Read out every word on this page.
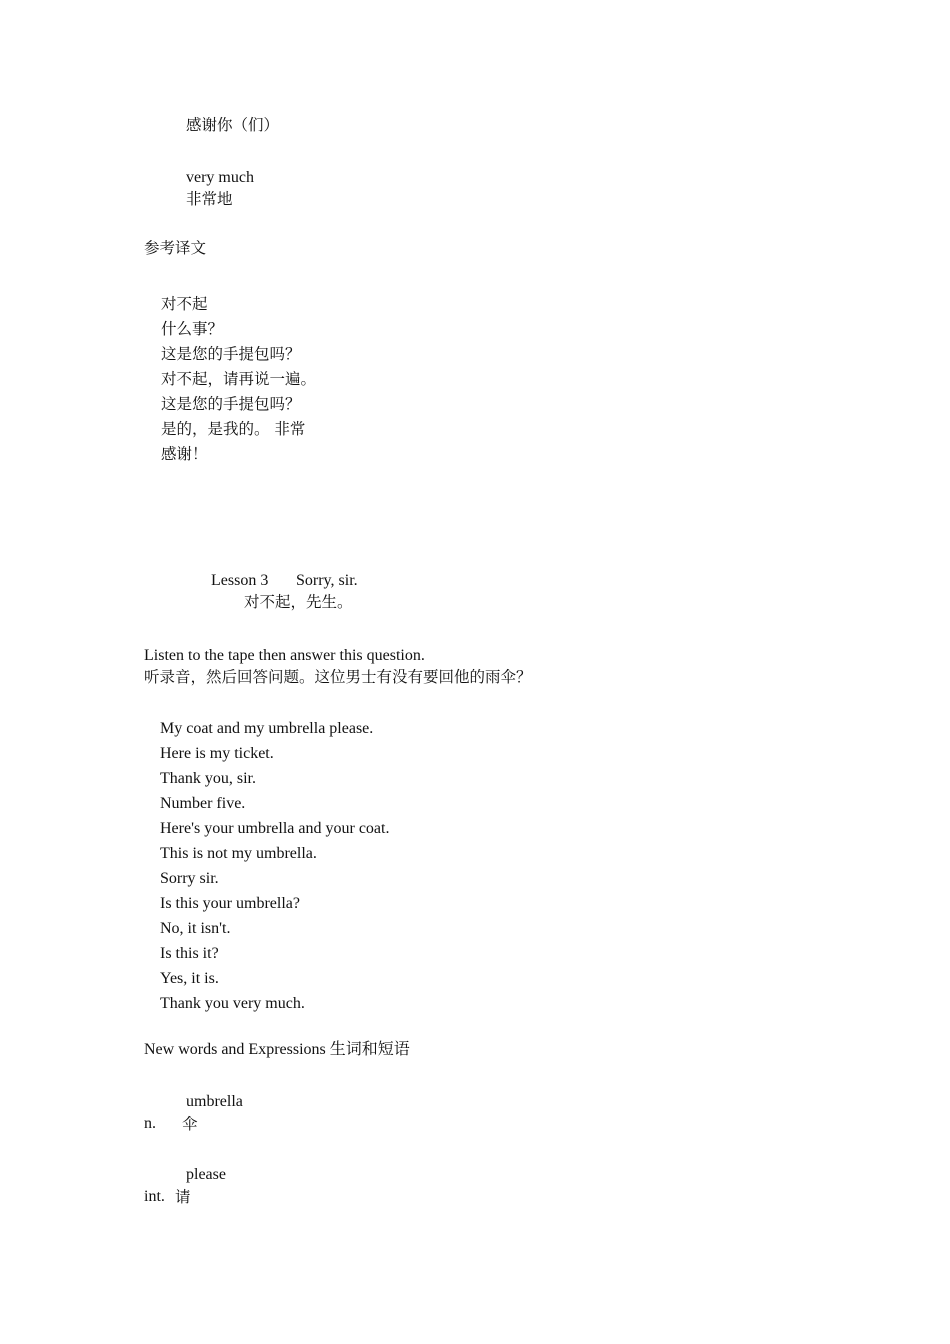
感谢你（们）
very much
非常地
参考译文
对不起
什么事？
这是您的手提包吗？
对不起，请再说一遍。
这是您的手提包吗？
是的，是我的。 非常
感谢！
Lesson 3 Sorry, sir.
对不起，先生。
Listen to the tape then answer this question.
听录音，然后回答问题。这位男士有没有要回他的雨伞？
My coat and my umbrella please.
Here is my ticket.
Thank you, sir.
Number five.
Here's your umbrella and your coat.
This is not my umbrella.
Sorry sir.
Is this your umbrella?
No, it isn't.
Is this it?
Yes, it is.
Thank you very much.
New words and Expressions 生词和短语
umbrella
n. 伞
please
int. 请
